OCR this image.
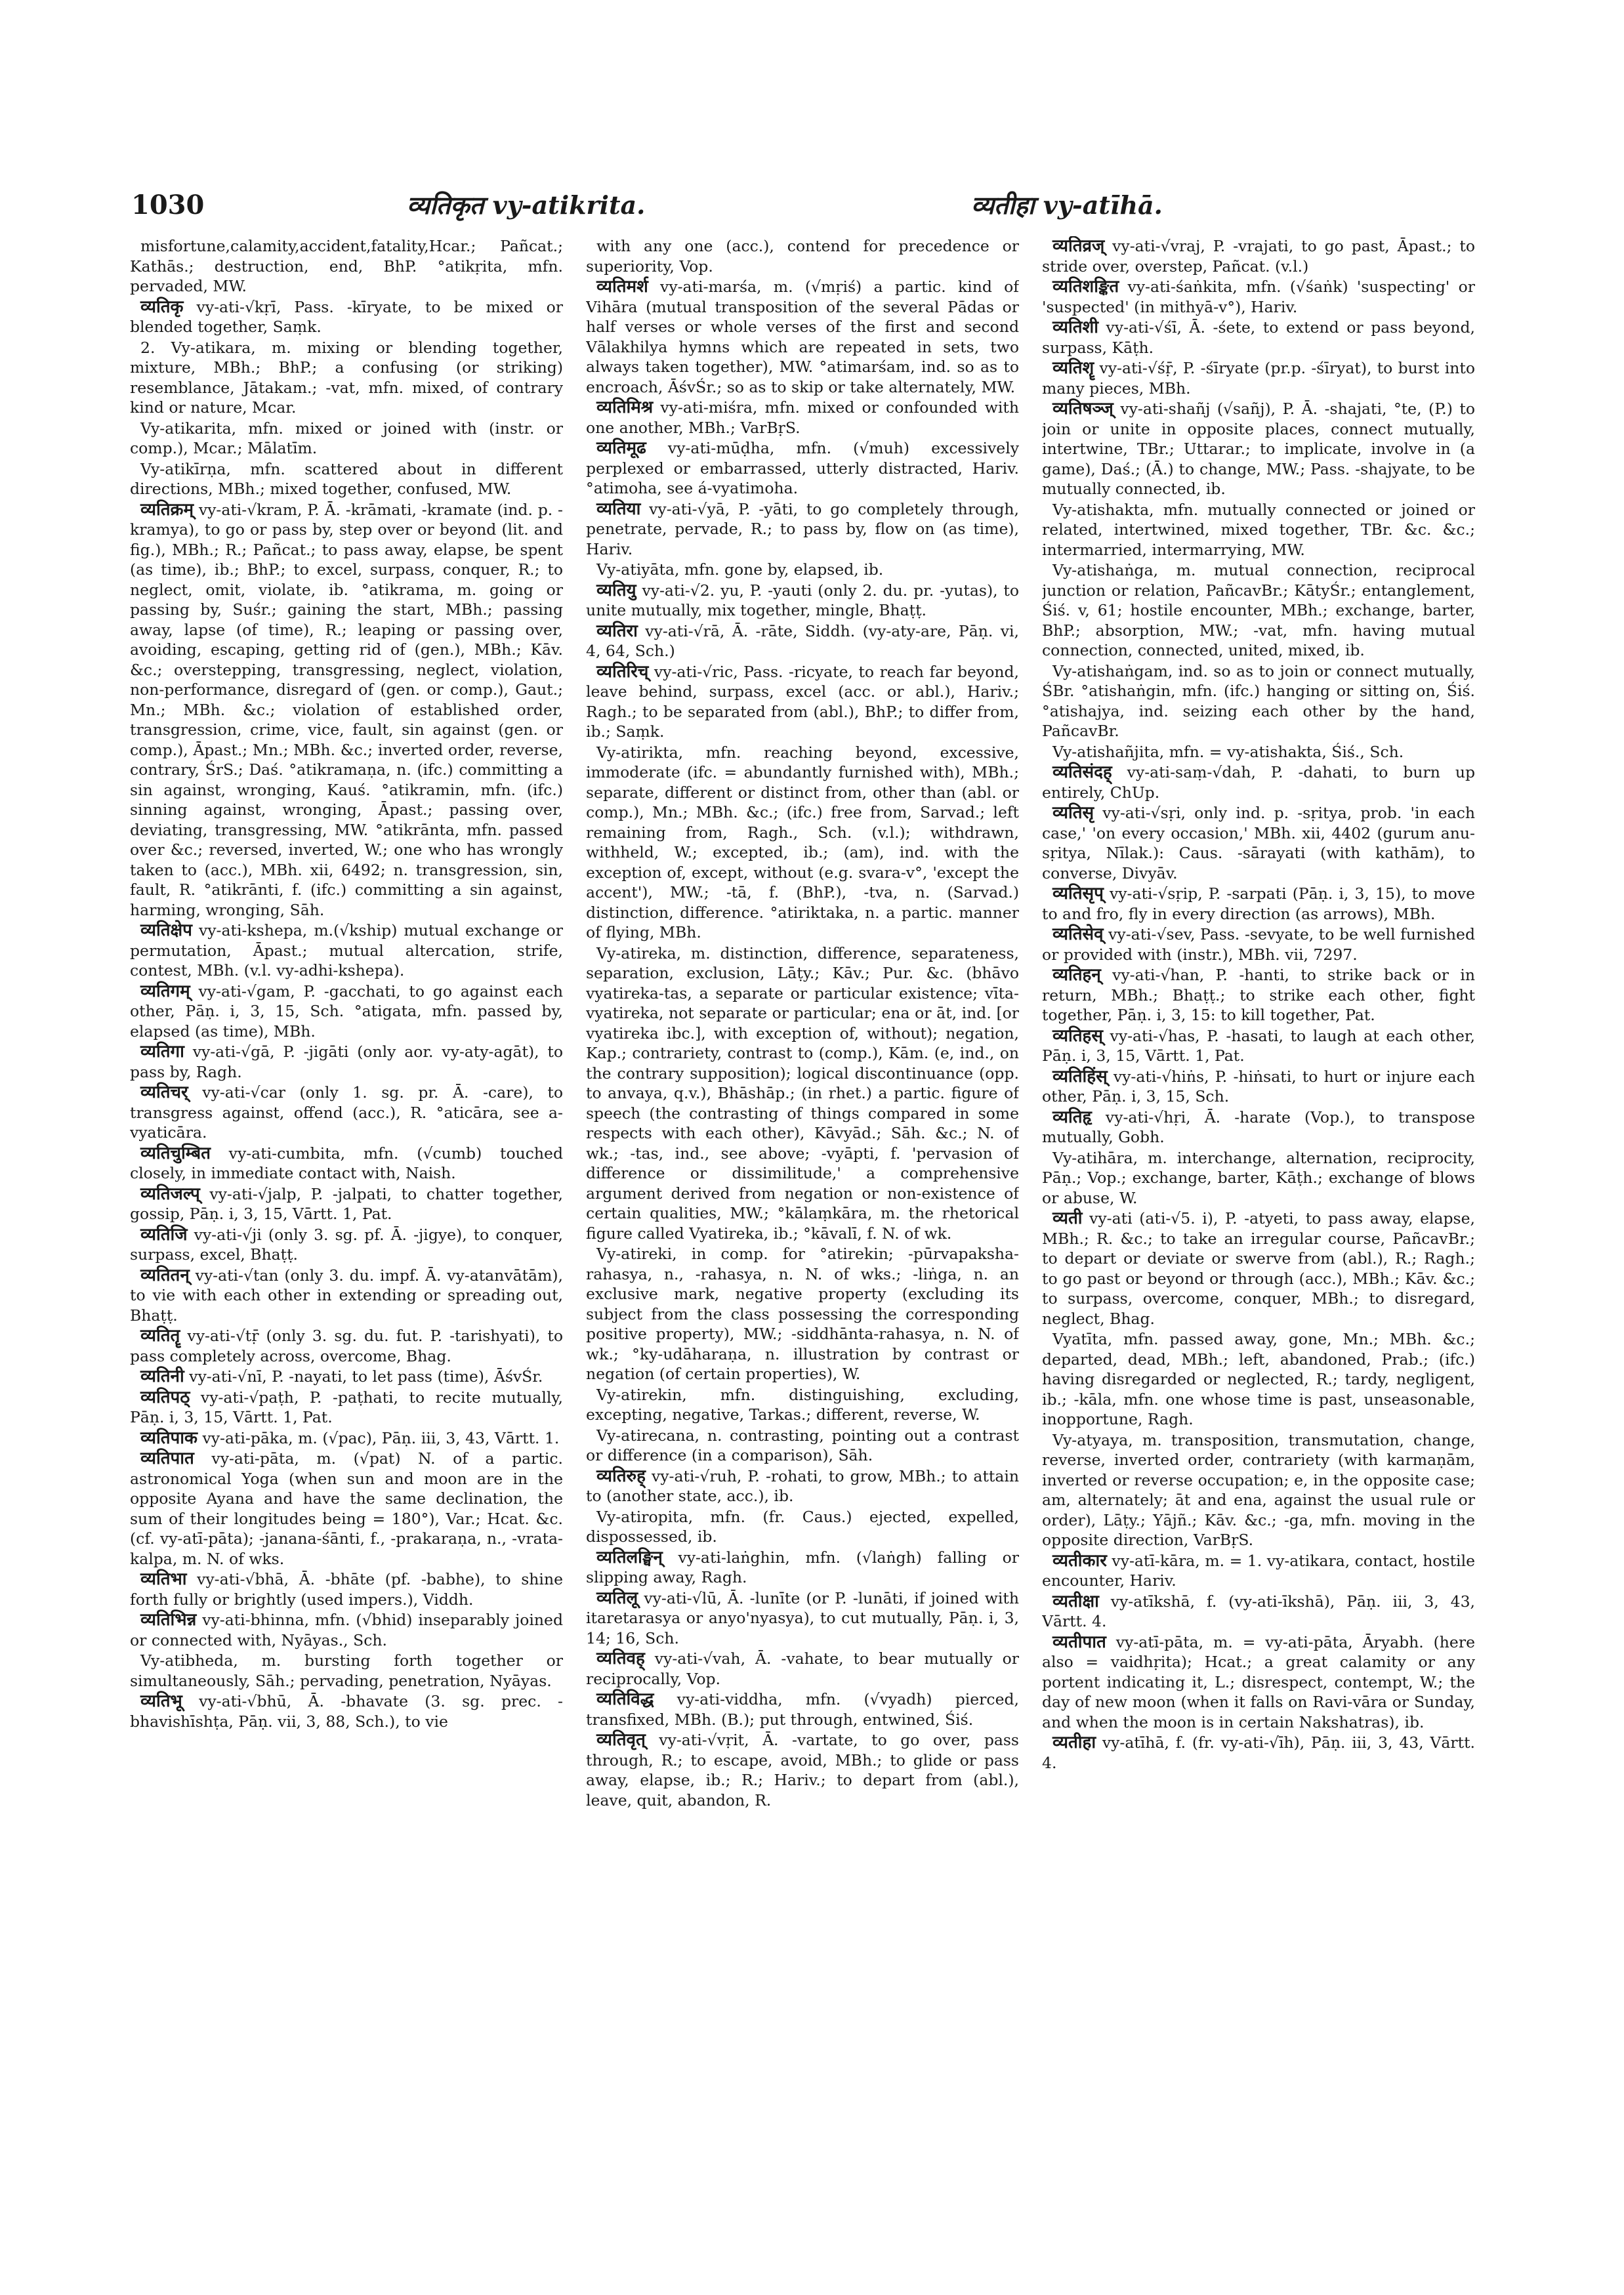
1030	व्यतिकृत vy-atikrita.	व्यतीहा vy-atīhā.

misfortune,calamity,accident,fatality,Hcar.; Pañcat.; Kathās.; destruction, end, BhP. °atikṛita, mfn. pervaded, MW.

व्यतिकृ vy-ati-√kṛī, Pass. -kīryate, to be mixed or blended together, Saṃk.

2. Vy-atikara, m. mixing or blending together, mixture, MBh.; BhP.; a confusing (or striking) resemblance, Jātakam.; -vat, mfn. mixed, of contrary kind or nature, Mcar.

Vy-atikarita, mfn. mixed or joined with (instr. or comp.), Mcar.; Mālatīm.

Vy-atikīrṇa, mfn. scattered about in different directions, MBh.; mixed together, confused, MW.

व्यतिक्रम् vy-ati-√kram, P. Ā. -krāmati, -kramate (ind. p. -kramya), to go or pass by, step over or beyond (lit. and fig.), MBh.; R.; Pañcat.; to pass away, elapse, be spent (as time), ib.; BhP.; to excel, surpass, conquer, R.; to neglect, omit, violate, ib. °atikrama, m. going or passing by, Suśr.; gaining the start, MBh.; passing away, lapse (of time), R.; leaping or passing over, avoiding, escaping, getting rid of (gen.), MBh.; Kāv. &c.; overstepping, transgressing, neglect, violation, non-performance, disregard of (gen. or comp.), Gaut.; Mn.; MBh. &c.; violation of established order, transgression, crime, vice, fault, sin against (gen. or comp.), Āpast.; Mn.; MBh. &c.; inverted order, reverse, contrary, ŚrS.; Daś. °atikramaṇa, n. (ifc.) committing a sin against, wronging, Kauś. °atikramin, mfn. (ifc.) sinning against, wronging, Āpast.; passing over, deviating, transgressing, MW. °atikrānta, mfn. passed over &c.; reversed, inverted, W.; one who has wrongly taken to (acc.), MBh. xii, 6492; n. transgression, sin, fault, R. °atikrānti, f. (ifc.) committing a sin against, harming, wronging, Sāh.

व्यतिक्षेप vy-ati-kshepa, m.(√kship) mutual exchange or permutation, Āpast.; mutual altercation, strife, contest, MBh. (v.l. vy-adhi-kshepa).

व्यतिगम् vy-ati-√gam, P. -gacchati, to go against each other, Pāṇ. i, 3, 15, Sch. °atigata, mfn. passed by, elapsed (as time), MBh.

व्यतिगा vy-ati-√gā, P. -jigāti (only aor. vy-aty-agāt), to pass by, Ragh.

व्यतिचर् vy-ati-√car (only 1. sg. pr. Ā. -care), to transgress against, offend (acc.), R. °aticāra, see a-vyaticāra.

व्यतिचुम्बित vy-ati-cumbita, mfn. (√cumb) touched closely, in immediate contact with, Naish.

व्यतिजल्प् vy-ati-√jalp, P. -jalpati, to chatter together, gossip, Pāṇ. i, 3, 15, Vārtt. 1, Pat.

व्यतिजि vy-ati-√ji (only 3. sg. pf. Ā. -jigye), to conquer, surpass, excel, Bhaṭṭ.

व्यतितन् vy-ati-√tan (only 3. du. impf. Ā. vy-atanvātām), to vie with each other in extending or spreading out, Bhaṭṭ.

व्यतितॄ vy-ati-√tṝ (only 3. sg. du. fut. P. -tarishyati), to pass completely across, overcome, Bhag.

व्यतिनी vy-ati-√nī, P. -nayati, to let pass (time), ĀśvŚr.

व्यतिपठ् vy-ati-√paṭh, P. -paṭhati, to recite mutually, Pāṇ. i, 3, 15, Vārtt. 1, Pat.

व्यतिपाक vy-ati-pāka, m. (√pac), Pāṇ. iii, 3, 43, Vārtt. 1.

व्यतिपात vy-ati-pāta, m. (√pat) N. of a partic. astronomical Yoga (when sun and moon are in the opposite Ayana and have the same declination, the sum of their longitudes being = 180°), Var.; Hcat. &c. (cf. vy-atī-pāta); -janana-śānti, f., -prakaraṇa, n., -vrata-kalpa, m. N. of wks.

व्यतिभा vy-ati-√bhā, Ā. -bhāte (pf. -babhe), to shine forth fully or brightly (used impers.), Viddh.

व्यतिभिन्न vy-ati-bhinna, mfn. (√bhid) inseparably joined or connected with, Nyāyas., Sch.

Vy-atibheda, m. bursting forth together or simultaneously, Sāh.; pervading, penetration, Nyāyas.

व्यतिभू vy-ati-√bhū, Ā. -bhavate (3. sg. prec. -bhavishīshṭa, Pāṇ. vii, 3, 88, Sch.), to vie

with any one (acc.), contend for precedence or superiority, Vop.

व्यतिमर्श vy-ati-marśa, m. (√mṛiś) a partic. kind of Vihāra (mutual transposition of the several Pādas or half verses or whole verses of the first and second Vālakhilya hymns which are repeated in sets, two always taken together), MW. °atimarśam, ind. so as to encroach, ĀśvŚr.; so as to skip or take alternately, MW.

व्यतिमिश्र vy-ati-miśra, mfn. mixed or confounded with one another, MBh.; VarBṛS.

व्यतिमूढ vy-ati-mūḍha, mfn. (√muh) excessively perplexed or embarrassed, utterly distracted, Hariv. °atimoha, see á-vyatimoha.

व्यतिया vy-ati-√yā, P. -yāti, to go completely through, penetrate, pervade, R.; to pass by, flow on (as time), Hariv.

Vy-atiyāta, mfn. gone by, elapsed, ib.

व्यतियु vy-ati-√2. yu, P. -yauti (only 2. du. pr. -yutas), to unite mutually, mix together, mingle, Bhaṭṭ.

व्यतिरा vy-ati-√rā, Ā. -rāte, Siddh. (vy-aty-are, Pāṇ. vi, 4, 64, Sch.)

व्यतिरिच् vy-ati-√ric, Pass. -ricyate, to reach far beyond, leave behind, surpass, excel (acc. or abl.), Hariv.; Ragh.; to be separated from (abl.), BhP.; to differ from, ib.; Saṃk.

Vy-atirikta, mfn. reaching beyond, excessive, immoderate (ifc. = abundantly furnished with), MBh.; separate, different or distinct from, other than (abl. or comp.), Mn.; MBh. &c.; (ifc.) free from, Sarvad.; left remaining from, Ragh., Sch. (v.l.); withdrawn, withheld, W.; excepted, ib.; (am), ind. with the exception of, except, without (e.g. svara-v°, 'except the accent'), MW.; -tā, f. (BhP.), -tva, n. (Sarvad.) distinction, difference. °atiriktaka, n. a partic. manner of flying, MBh.

Vy-atireka, m. distinction, difference, separateness, separation, exclusion, Lāṭy.; Kāv.; Pur. &c. (bhāvo vyatireka-tas, a separate or particular existence; vīta-vyatireka, not separate or particular; ena or āt, ind. [or vyatireka ibc.], with exception of, without); negation, Kap.; contrariety, contrast to (comp.), Kām. (e, ind., on the contrary supposition); logical discontinuance (opp. to anvaya, q.v.), Bhāshāp.; (in rhet.) a partic. figure of speech (the contrasting of things compared in some respects with each other), Kāvyād.; Sāh. &c.; N. of wk.; -tas, ind., see above; -vyāpti, f. 'pervasion of difference or dissimilitude,' a comprehensive argument derived from negation or non-existence of certain qualities, MW.; °kālaṃkāra, m. the rhetorical figure called Vyatireka, ib.; °kāvalī, f. N. of wk.

Vy-atireki, in comp. for °atirekin; -pūrvapaksha-rahasya, n., -rahasya, n. N. of wks.; -liṅga, n. an exclusive mark, negative property (excluding its subject from the class possessing the corresponding positive property), MW.; -siddhānta-rahasya, n. N. of wk.; °ky-udāharaṇa, n. illustration by contrast or negation (of certain properties), W.

Vy-atirekin, mfn. distinguishing, excluding, excepting, negative, Tarkas.; different, reverse, W.

Vy-atirecana, n. contrasting, pointing out a contrast or difference (in a comparison), Sāh.

व्यतिरुह् vy-ati-√ruh, P. -rohati, to grow, MBh.; to attain to (another state, acc.), ib.

Vy-atiropita, mfn. (fr. Caus.) ejected, expelled, dispossessed, ib.

व्यतिलङ्घिन् vy-ati-laṅghin, mfn. (√laṅgh) falling or slipping away, Ragh.

व्यतिलू vy-ati-√lū, Ā. -lunīte (or P. -lunāti, if joined with itaretarasya or anyo'nyasya), to cut mutually, Pāṇ. i, 3, 14; 16, Sch.

व्यतिवह् vy-ati-√vah, Ā. -vahate, to bear mutually or reciprocally, Vop.

व्यतिविद्ध vy-ati-viddha, mfn. (√vyadh) pierced, transfixed, MBh. (B.); put through, entwined, Śiś.

व्यतिवृत् vy-ati-√vṛit, Ā. -vartate, to go over, pass through, R.; to escape, avoid, MBh.; to glide or pass away, elapse, ib.; R.; Hariv.; to depart from (abl.), leave, quit, abandon, R.

व्यतिव्रज् vy-ati-√vraj, P. -vrajati, to go past, Āpast.; to stride over, overstep, Pañcat. (v.l.)

व्यतिशङ्कित vy-ati-śaṅkita, mfn. (√śaṅk) 'suspecting' or 'suspected' (in mithyā-v°), Hariv.

व्यतिशी vy-ati-√śī, Ā. -śete, to extend or pass beyond, surpass, Kāṭh.

व्यतिशॄ vy-ati-√śṝ, P. -śīryate (pr.p. -śīryat), to burst into many pieces, MBh.

व्यतिषञ्ज् vy-ati-shañj (√sañj), P. Ā. -shajati, °te, (P.) to join or unite in opposite places, connect mutually, intertwine, TBr.; Uttarar.; to implicate, involve in (a game), Daś.; (Ā.) to change, MW.; Pass. -shajyate, to be mutually connected, ib.

Vy-atishakta, mfn. mutually connected or joined or related, intertwined, mixed together, TBr. &c. &c.; intermarried, intermarrying, MW.

Vy-atishaṅga, m. mutual connection, reciprocal junction or relation, PañcavBr.; KātyŚr.; entanglement, Śiś. v, 61; hostile encounter, MBh.; exchange, barter, BhP.; absorption, MW.; -vat, mfn. having mutual connection, connected, united, mixed, ib.

Vy-atishaṅgam, ind. so as to join or connect mutually, ŚBr. °atishaṅgin, mfn. (ifc.) hanging or sitting on, Śiś. °atishajya, ind. seizing each other by the hand, PañcavBr.

Vy-atishañjita, mfn. = vy-atishakta, Śiś., Sch.

व्यतिसंदह् vy-ati-saṃ-√dah, P. -dahati, to burn up entirely, ChUp.

व्यतिसृ vy-ati-√sṛi, only ind. p. -sṛitya, prob. 'in each case,' 'on every occasion,' MBh. xii, 4402 (gurum anu-sṛitya, Nīlak.): Caus. -sārayati (with kathām), to converse, Divyāv.

व्यतिसृप् vy-ati-√sṛip, P. -sarpati (Pāṇ. i, 3, 15), to move to and fro, fly in every direction (as arrows), MBh.

व्यतिसेव् vy-ati-√sev, Pass. -sevyate, to be well furnished or provided with (instr.), MBh. vii, 7297.

व्यतिहन् vy-ati-√han, P. -hanti, to strike back or in return, MBh.; Bhaṭṭ.; to strike each other, fight together, Pāṇ. i, 3, 15: to kill together, Pat.

व्यतिहस् vy-ati-√has, P. -hasati, to laugh at each other, Pāṇ. i, 3, 15, Vārtt. 1, Pat.

व्यतिहिंस् vy-ati-√hiṅs, P. -hiṅsati, to hurt or injure each other, Pāṇ. i, 3, 15, Sch.

व्यतिहृ vy-ati-√hṛi, Ā. -harate (Vop.), to transpose mutually, Gobh.

Vy-atihāra, m. interchange, alternation, reciprocity, Pāṇ.; Vop.; exchange, barter, Kāṭh.; exchange of blows or abuse, W.

व्यती vy-ati (ati-√5. i), P. -atyeti, to pass away, elapse, MBh.; R. &c.; to take an irregular course, PañcavBr.; to depart or deviate or swerve from (abl.), R.; Ragh.; to go past or beyond or through (acc.), MBh.; Kāv. &c.; to surpass, overcome, conquer, MBh.; to disregard, neglect, Bhag.

Vyatīta, mfn. passed away, gone, Mn.; MBh. &c.; departed, dead, MBh.; left, abandoned, Prab.; (ifc.) having disregarded or neglected, R.; tardy, negligent, ib.; -kāla, mfn. one whose time is past, unseasonable, inopportune, Ragh.

Vy-atyaya, m. transposition, transmutation, change, reverse, inverted order, contrariety (with karmaṇām, inverted or reverse occupation; e, in the opposite case; am, alternately; āt and ena, against the usual rule or order), Lāṭy.; Yājñ.; Kāv. &c.; -ga, mfn. moving in the opposite direction, VarBṛS.

व्यतीकार vy-atī-kāra, m. = 1. vy-atikara, contact, hostile encounter, Hariv.

व्यतीक्षा vy-atīkshā, f. (vy-ati-īkshā), Pāṇ. iii, 3, 43, Vārtt. 4.

व्यतीपात vy-atī-pāta, m. = vy-ati-pāta, Āryabh. (here also = vaidhṛita); Hcat.; a great calamity or any portent indicating it, L.; disrespect, contempt, W.; the day of new moon (when it falls on Ravi-vāra or Sunday, and when the moon is in certain Nakshatras), ib.

व्यतीहा vy-atīhā, f. (fr. vy-ati-√īh), Pāṇ. iii, 3, 43, Vārtt. 4.
